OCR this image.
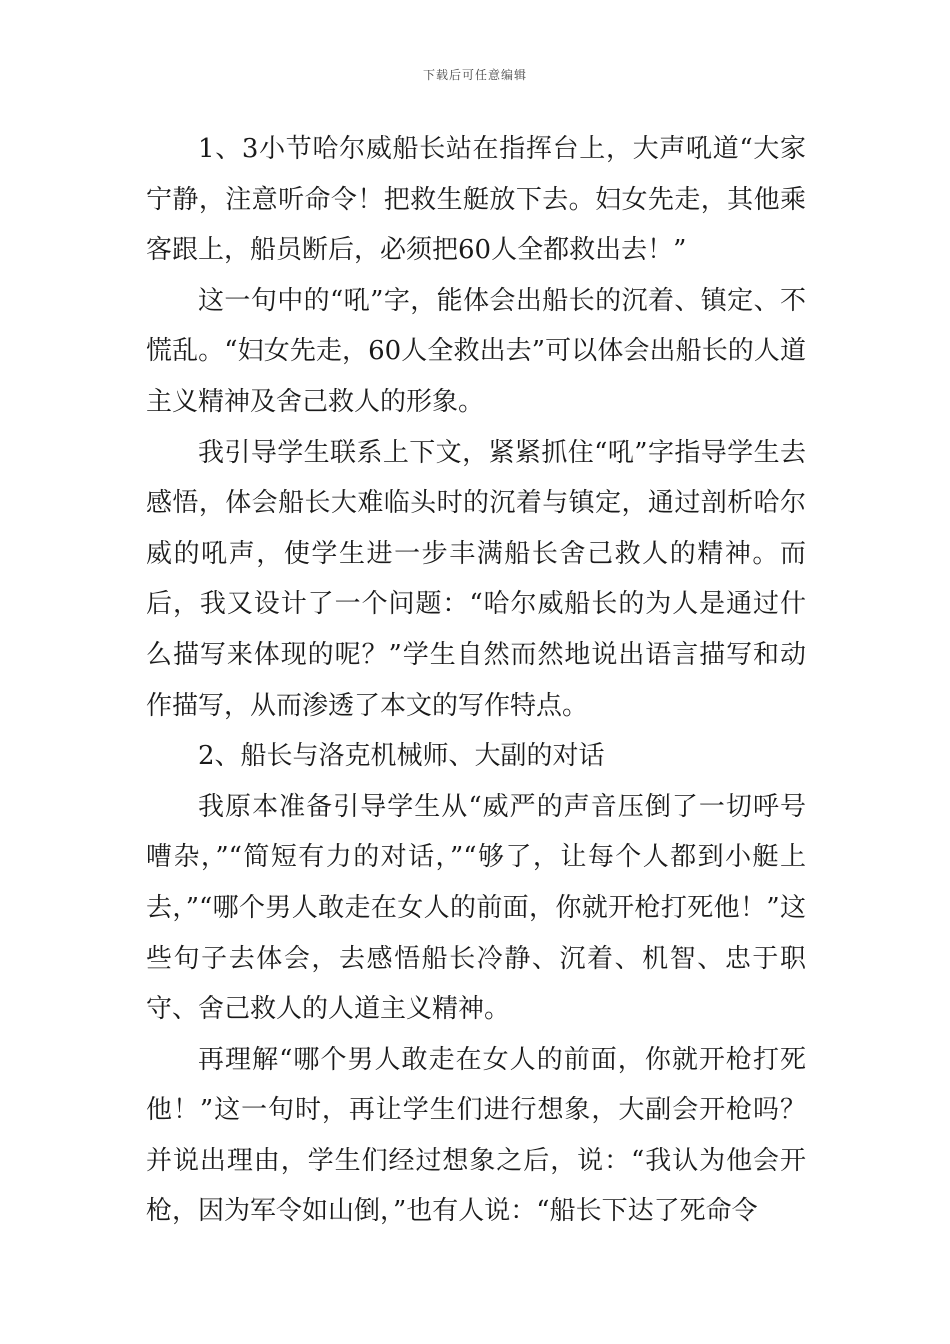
下载后可任意编辑

1、3小节哈尔威船长站在指挥台上，大声吼道“大家宁静，注意听命令！把救生艇放下去。妇女先走，其他乘客跟上，船员断后，必须把60人全都救出去！”

这一句中的“吼”字，能体会出船长的沉着、镇定、不慌乱。“妇女先走，60人全救出去”可以体会出船长的人道主义精神及舍己救人的形象。

我引导学生联系上下文，紧紧抓住“吼”字指导学生去感悟，体会船长大难临头时的沉着与镇定，通过剖析哈尔威的吼声，使学生进一步丰满船长舍己救人的精神。而后，我又设计了一个问题：“哈尔威船长的为人是通过什么描写来体现的呢？”学生自然而然地说出语言描写和动作描写，从而渗透了本文的写作特点。

2、船长与洛克机械师、大副的对话

我原本准备引导学生从“威严的声音压倒了一切呼号嘈杂，”“简短有力的对话，”“够了，让每个人都到小艇上去，”“哪个男人敢走在女人的前面，你就开枪打死他！”这些句子去体会，去感悟船长冷静、沉着、机智、忠于职守、舍己救人的人道主义精神。

再理解“哪个男人敢走在女人的前面，你就开枪打死他！”这一句时，再让学生们进行想象，大副会开枪吗？并说出理由，学生们经过想象之后，说：“我认为他会开枪，因为军令如山倒，”也有人说：“船长下达了死命令
